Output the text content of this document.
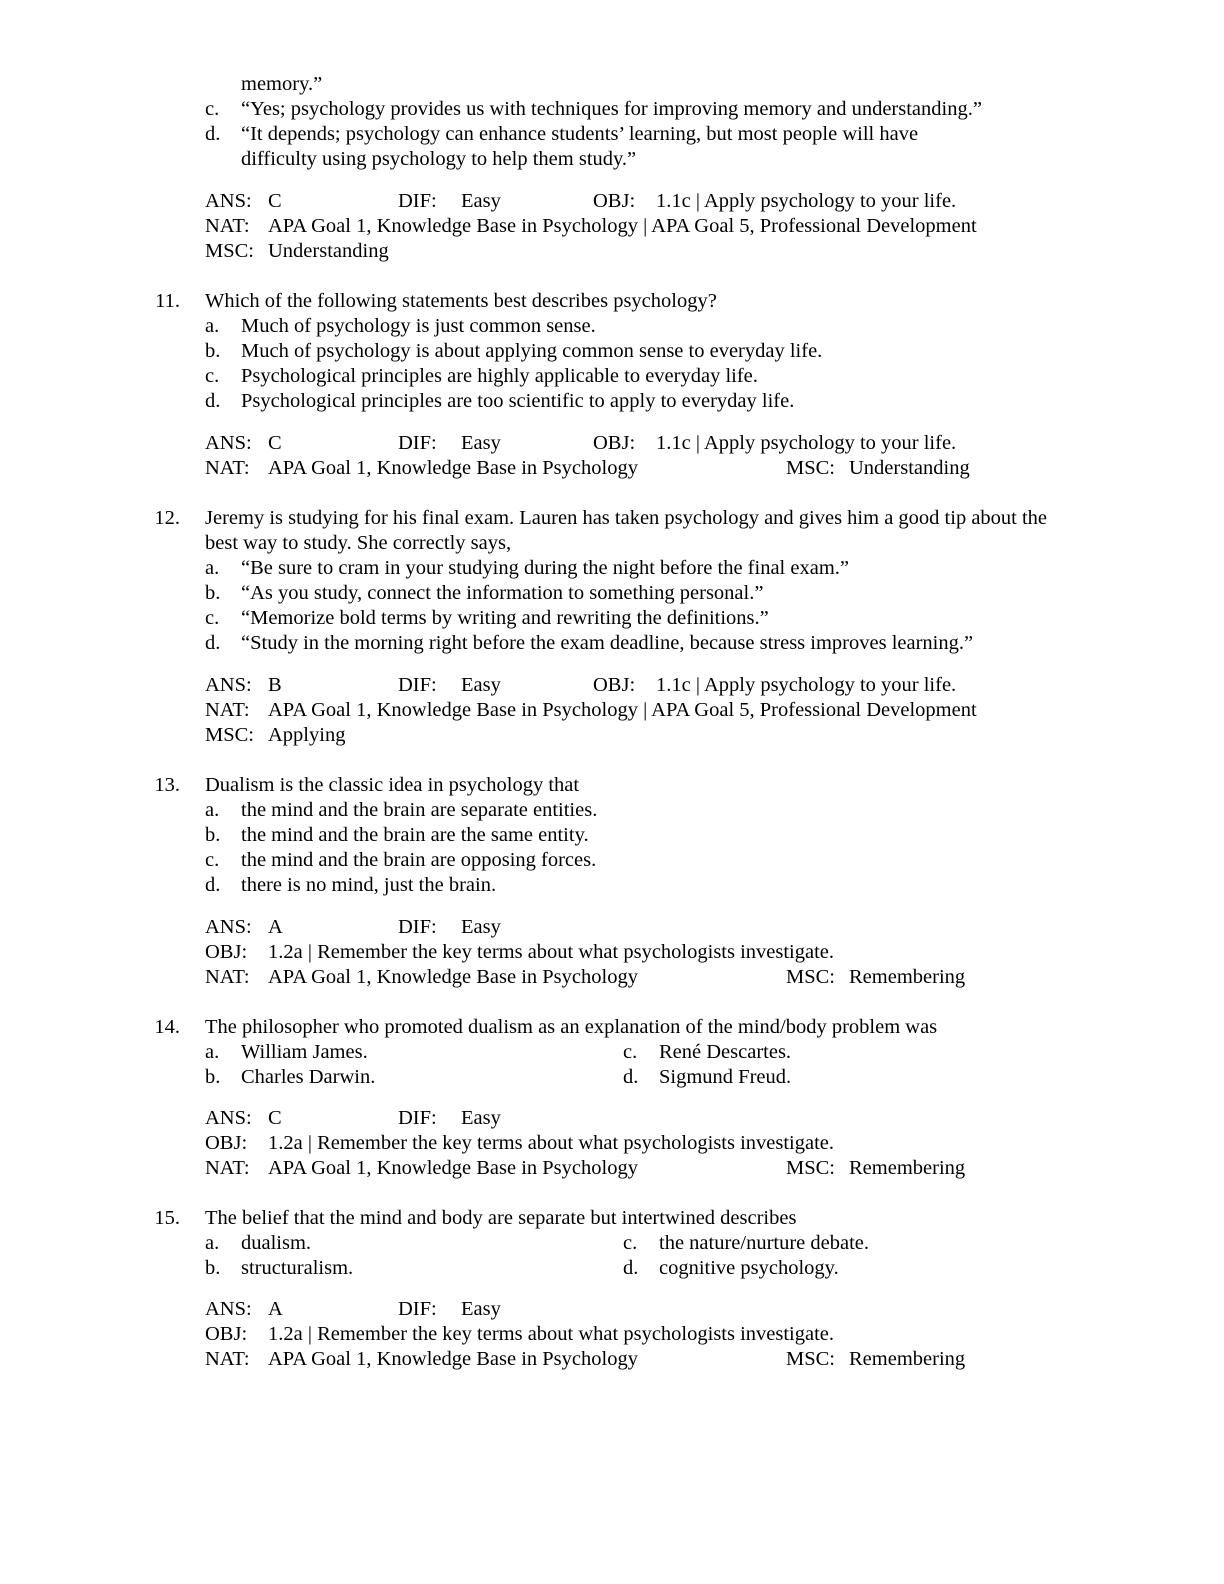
memory.”
c. “Yes; psychology provides us with techniques for improving memory and understanding.”
d. “It depends; psychology can enhance students’ learning, but most people will have
difficulty using psychology to help them study.”
ANS: C	DIF: Easy	OBJ: 1.1c | Apply psychology to your life.
NAT: APA Goal 1, Knowledge Base in Psychology | APA Goal 5, Professional Development
MSC: Understanding
11. Which of the following statements best describes psychology?
a. Much of psychology is just common sense.
b. Much of psychology is about applying common sense to everyday life.
c. Psychological principles are highly applicable to everyday life.
d. Psychological principles are too scientific to apply to everyday life.
ANS: C	DIF: Easy	OBJ: 1.1c | Apply psychology to your life.
NAT: APA Goal 1, Knowledge Base in Psychology	MSC: Understanding
12. Jeremy is studying for his final exam. Lauren has taken psychology and gives him a good tip about the
best way to study. She correctly says,
a. “Be sure to cram in your studying during the night before the final exam.”
b. “As you study, connect the information to something personal.”
c. “Memorize bold terms by writing and rewriting the definitions.”
d. “Study in the morning right before the exam deadline, because stress improves learning.”
ANS: B	DIF: Easy	OBJ: 1.1c | Apply psychology to your life.
NAT: APA Goal 1, Knowledge Base in Psychology | APA Goal 5, Professional Development
MSC: Applying
13. Dualism is the classic idea in psychology that
a. the mind and the brain are separate entities.
b. the mind and the brain are the same entity.
c. the mind and the brain are opposing forces.
d. there is no mind, just the brain.
ANS: A	DIF: Easy
OBJ: 1.2a | Remember the key terms about what psychologists investigate.
NAT: APA Goal 1, Knowledge Base in Psychology	MSC: Remembering
14. The philosopher who promoted dualism as an explanation of the mind/body problem was
a. William James.	c. René Descartes.
b. Charles Darwin.	d. Sigmund Freud.
ANS: C	DIF: Easy
OBJ: 1.2a | Remember the key terms about what psychologists investigate.
NAT: APA Goal 1, Knowledge Base in Psychology	MSC: Remembering
15. The belief that the mind and body are separate but intertwined describes
a. dualism.	c. the nature/nurture debate.
b. structuralism.	d. cognitive psychology.
ANS: A	DIF: Easy
OBJ: 1.2a | Remember the key terms about what psychologists investigate.
NAT: APA Goal 1, Knowledge Base in Psychology	MSC: Remembering
